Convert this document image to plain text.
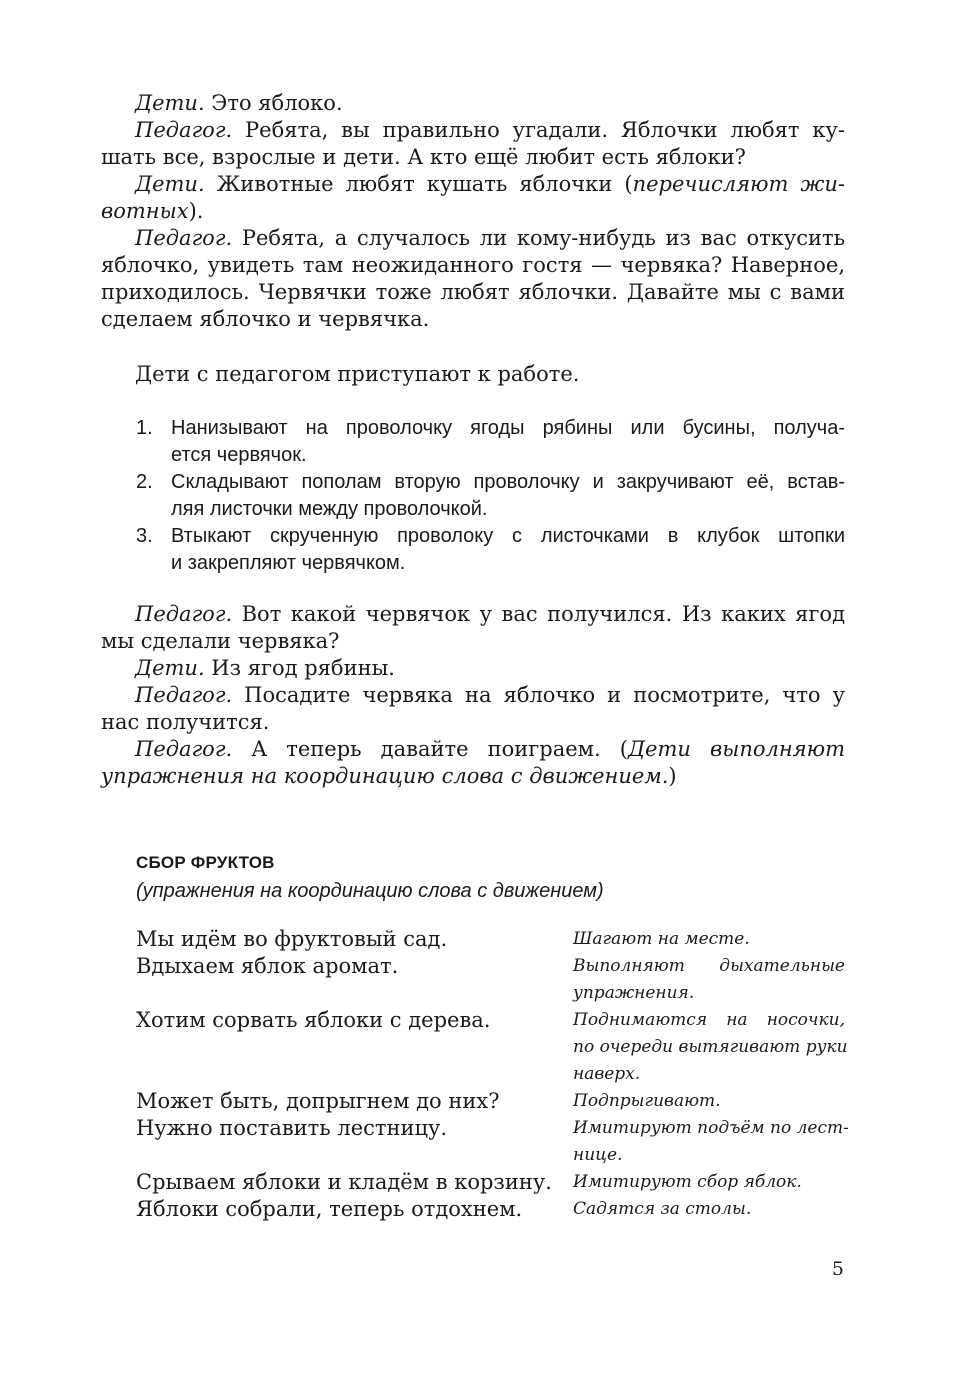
Дети. Это яблоко.
Педагог. Ребята, вы правильно угадали. Яблочки любят ку-
шать все, взрослые и дети. А кто ещё любит есть яблоки?
Дети. Животные любят кушать яблочки (перечисляют жи-
вотных).
Педагог. Ребята, а случалось ли кому-нибудь из вас откусить
яблочко, увидеть там неожиданного гостя — червяка? Наверное,
приходилось. Червячки тоже любят яблочки. Давайте мы с вами
сделаем яблочко и червячка.
Дети с педагогом приступают к работе.
1. Нанизывают на проволочку ягоды рябины или бусины, получа-
ется червячок.
2. Складывают пополам вторую проволочку и закручивают её, встав-
ляя листочки между проволочкой.
3. Втыкают скрученную проволоку с листочками в клубок штопки
и закрепляют червячком.
Педагог. Вот какой червячок у вас получился. Из каких ягод
мы сделали червяка?
Дети. Из ягод рябины.
Педагог. Посадите червяка на яблочко и посмотрите, что у
нас получится.
Педагог. А теперь давайте поиграем. (Дети выполняют
упражнения на координацию слова с движением.)
СБОР ФРУКТОВ
(упражнения на координацию слова с движением)
Мы идём во фруктовый сад.	Шагают на месте.
Вдыхаем яблок аромат.	Выполняют дыхательные
упражнения.
Хотим сорвать яблоки с дерева.	Поднимаются на носочки,
по очереди вытягивают руки
наверх.
Может быть, допрыгнем до них?	Подпрыгивают.
Нужно поставить лестницу.	Имитируют подъём по лест-
нице.
Срываем яблоки и кладём в корзину. Имитируют сбор яблок.
Яблоки собрали, теперь отдохнем.	Садятся за столы.
5
